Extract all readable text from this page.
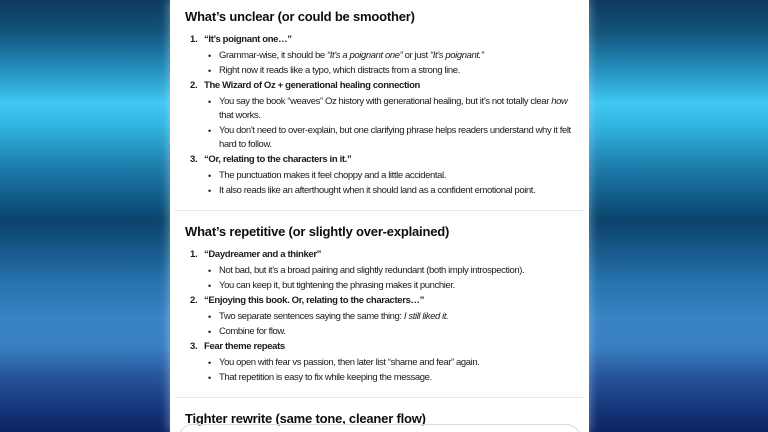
What’s unclear (or could be smoother)
1. “It’s poignant one…”
• Grammar-wise, it should be “It’s a poignant one” or just “It’s poignant.”
• Right now it reads like a typo, which distracts from a strong line.
2. The Wizard of Oz + generational healing connection
• You say the book “weaves” Oz history with generational healing, but it’s not totally clear how that works.
• You don’t need to over-explain, but one clarifying phrase helps readers understand why it felt hard to follow.
3. “Or, relating to the characters in it.”
• The punctuation makes it feel choppy and a little accidental.
• It also reads like an afterthought when it should land as a confident emotional point.
What’s repetitive (or slightly over-explained)
1. “Daydreamer and a thinker”
• Not bad, but it’s a broad pairing and slightly redundant (both imply introspection).
• You can keep it, but tightening the phrasing makes it punchier.
2. “Enjoying this book. Or, relating to the characters…”
• Two separate sentences saying the same thing: I still liked it.
• Combine for flow.
3. Fear theme repeats
• You open with fear vs passion, then later list “shame and fear” again.
• That repetition is easy to fix while keeping the message.
Tighter rewrite (same tone, cleaner flow)
